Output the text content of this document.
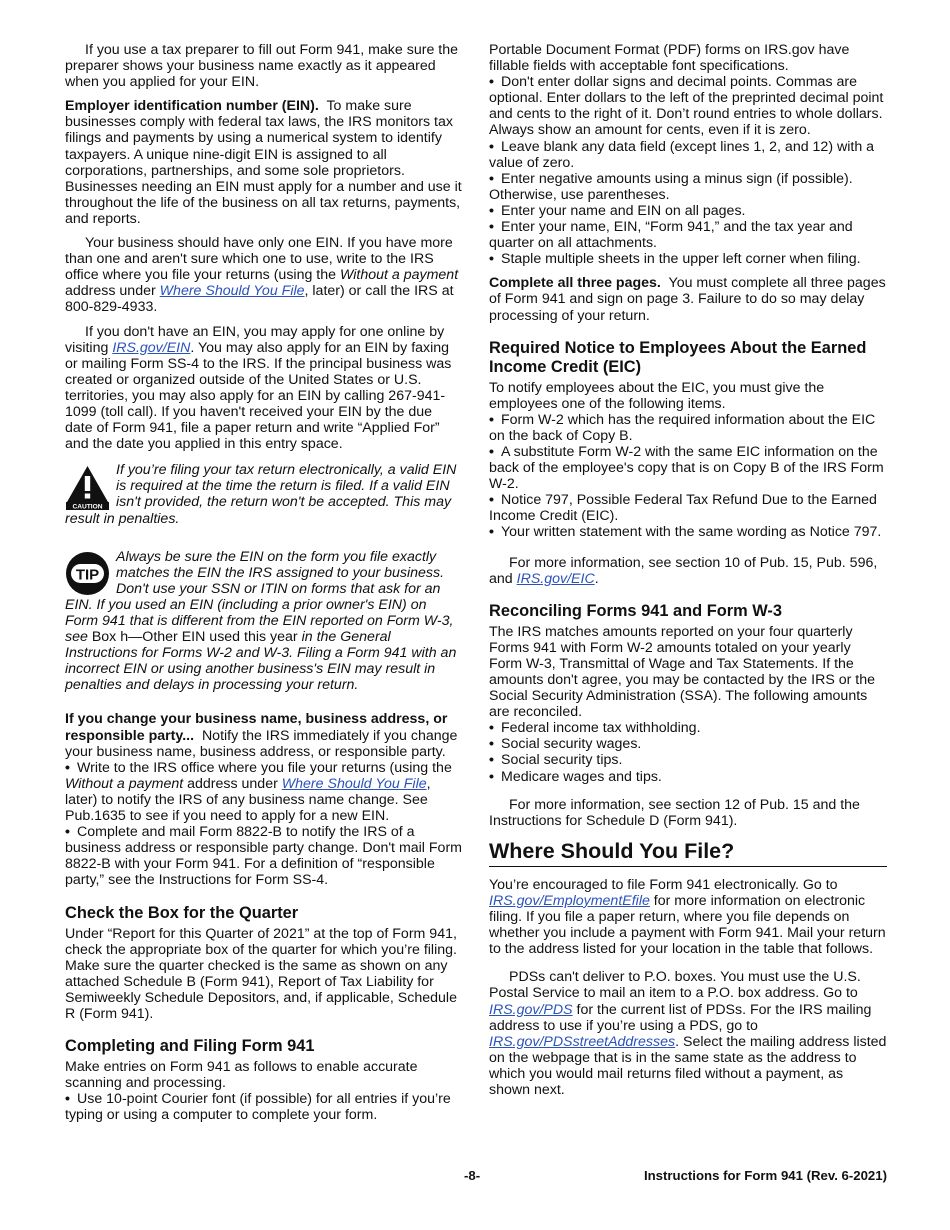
If you use a tax preparer to fill out Form 941, make sure the preparer shows your business name exactly as it appeared when you applied for your EIN.

Employer identification number (EIN). To make sure businesses comply with federal tax laws, the IRS monitors tax filings and payments by using a numerical system to identify taxpayers. A unique nine-digit EIN is assigned to all corporations, partnerships, and some sole proprietors. Businesses needing an EIN must apply for a number and use it throughout the life of the business on all tax returns, payments, and reports.

Your business should have only one EIN. If you have more than one and aren't sure which one to use, write to the IRS office where you file your returns (using the Without a payment address under Where Should You File, later) or call the IRS at 800-829-4933.

If you don't have an EIN, you may apply for one online by visiting IRS.gov/EIN. You may also apply for an EIN by faxing or mailing Form SS-4 to the IRS. If the principal business was created or organized outside of the United States or U.S. territories, you may also apply for an EIN by calling 267-941-1099 (toll call). If you haven't received your EIN by the due date of Form 941, file a paper return and write “Applied For” and the date you applied in this entry space.

CAUTION
If you’re filing your tax return electronically, a valid EIN is required at the time the return is filed. If a valid EIN isn't provided, the return won't be accepted. This may result in penalties.
TIP
Always be sure the EIN on the form you file exactly matches the EIN the IRS assigned to your business. Don't use your SSN or ITIN on forms that ask for an EIN. If you used an EIN (including a prior owner's EIN) on Form 941 that is different from the EIN reported on Form W-3, see Box h—Other EIN used this year in the General Instructions for Forms W-2 and W-3. Filing a Form 941 with an incorrect EIN or using another business's EIN may result in penalties and delays in processing your return.

If you change your business name, business address, or responsible party... Notify the IRS immediately if you change your business name, business address, or responsible party.

• Write to the IRS office where you file your returns (using the Without a payment address under Where Should You File, later) to notify the IRS of any business name change. See Pub.1635 to see if you need to apply for a new EIN.

• Complete and mail Form 8822-B to notify the IRS of a business address or responsible party change. Don't mail Form 8822-B with your Form 941. For a definition of “responsible party,” see the Instructions for Form SS-4.

Check the Box for the Quarter

Under “Report for this Quarter of 2021” at the top of Form 941, check the appropriate box of the quarter for which you’re filing. Make sure the quarter checked is the same as shown on any attached Schedule B (Form 941), Report of Tax Liability for Semiweekly Schedule Depositors, and, if applicable, Schedule R (Form 941).

Completing and Filing Form 941

Make entries on Form 941 as follows to enable accurate scanning and processing.

• Use 10-point Courier font (if possible) for all entries if you’re typing or using a computer to complete your form.

Portable Document Format (PDF) forms on IRS.gov have fillable fields with acceptable font specifications.

• Don't enter dollar signs and decimal points. Commas are optional. Enter dollars to the left of the preprinted decimal point and cents to the right of it. Don’t round entries to whole dollars. Always show an amount for cents, even if it is zero.

• Leave blank any data field (except lines 1, 2, and 12) with a value of zero.

• Enter negative amounts using a minus sign (if possible). Otherwise, use parentheses.

• Enter your name and EIN on all pages.

• Enter your name, EIN, “Form 941,” and the tax year and quarter on all attachments.

• Staple multiple sheets in the upper left corner when filing.

Complete all three pages. You must complete all three pages of Form 941 and sign on page 3. Failure to do so may delay processing of your return.

Required Notice to Employees About the Earned Income Credit (EIC)

To notify employees about the EIC, you must give the employees one of the following items.

• Form W-2 which has the required information about the EIC on the back of Copy B.

• A substitute Form W-2 with the same EIC information on the back of the employee's copy that is on Copy B of the IRS Form W-2.

• Notice 797, Possible Federal Tax Refund Due to the Earned Income Credit (EIC).

• Your written statement with the same wording as Notice 797.

For more information, see section 10 of Pub. 15, Pub. 596, and IRS.gov/EIC.

Reconciling Forms 941 and Form W-3

The IRS matches amounts reported on your four quarterly Forms 941 with Form W-2 amounts totaled on your yearly Form W-3, Transmittal of Wage and Tax Statements. If the amounts don't agree, you may be contacted by the IRS or the Social Security Administration (SSA). The following amounts are reconciled.

• Federal income tax withholding.

• Social security wages.

• Social security tips.

• Medicare wages and tips.

For more information, see section 12 of Pub. 15 and the Instructions for Schedule D (Form 941).

Where Should You File?

You’re encouraged to file Form 941 electronically. Go to IRS.gov/EmploymentEfile for more information on electronic filing. If you file a paper return, where you file depends on whether you include a payment with Form 941. Mail your return to the address listed for your location in the table that follows.

PDSs can't deliver to P.O. boxes. You must use the U.S. Postal Service to mail an item to a P.O. box address. Go to IRS.gov/PDS for the current list of PDSs. For the IRS mailing address to use if you’re using a PDS, go to IRS.gov/PDSstreetAddresses. Select the mailing address listed on the webpage that is in the same state as the address to which you would mail returns filed without a payment, as shown next.

-8-	Instructions for Form 941 (Rev. 6-2021)
